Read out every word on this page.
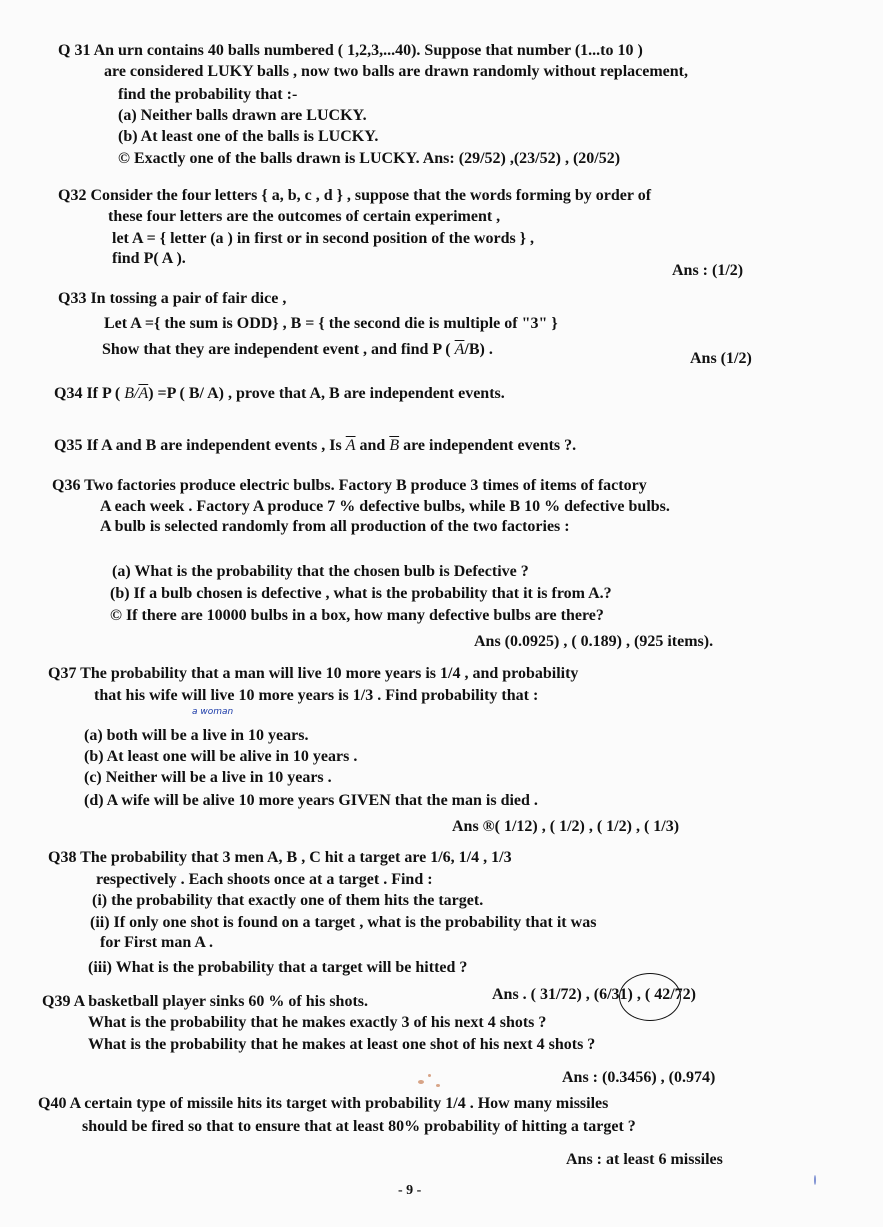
Q 31 An urn contains 40 balls numbered ( 1,2,3,...40). Suppose that number (1...to 10 )
are considered LUKY balls , now two balls are drawn randomly without replacement,
find the probability that :-
(a) Neither balls drawn are LUCKY.
(b) At least one of the balls is LUCKY.
© Exactly one of the balls drawn is LUCKY. Ans: (29/52) ,(23/52) , (20/52)
Q32 Consider the four letters { a, b, c , d } , suppose that the words forming by order of
these four letters are the outcomes of certain experiment ,
let A = { letter (a ) in first or in second position of the words } ,
find P( A ).
Ans : (1/2)
Q33 In tossing a pair of fair dice ,
Let A ={ the sum is ODD} , B = { the second die is multiple of "3" }
Show that they are independent event , and find P ( $\overline{A}/B$) .
Ans (1/2)
Q34 If P ( $B/\overline{A}) =P$ ( B/ A) , prove that A, B are independent events.
Q35 If A and B are independent events , Is $\overline{A}$ and $\overline{B}$ are independent events ?.
Q36 Two factories produce electric bulbs. Factory B produce 3 times of items of factory
A each week . Factory A produce 7 % defective bulbs, while B 10 % defective bulbs.
A bulb is selected randomly from all production of the two factories :
(a) What is the probability that the chosen bulb is Defective ?
(b) If a bulb chosen is defective , what is the probability that it is from A.?
© If there are 10000 bulbs in a box, how many defective bulbs are there?
Ans (0.0925) , ( 0.189) , (925 items).
Q37 The probability that a man will live 10 more years is 1/4 , and probability
that his wife will live 10 more years is 1/3 . Find probability that :
a woman
(a) both will be a live in 10 years.
(b) At least one will be alive in 10 years .
(c) Neither will be a live in 10 years .
(d) A wife will be alive 10 more years GIVEN that the man is died .
Ans ®( 1/12) , ( 1/2) , ( 1/2) , ( 1/3)
Q38 The probability that 3 men A, B , C hit a target are 1/6, 1/4 , 1/3
respectively . Each shoots once at a target . Find :
(i) the probability that exactly one of them hits the target.
(ii) If only one shot is found on a target , what is the probability that it was
for First man A .
(iii) What is the probability that a target will be hitted ?
Ans . ( 31/72) , (6/31) , ( 42/72)
Q39 A basketball player sinks 60 % of his shots.
What is the probability that he makes exactly 3 of his next 4 shots ?
What is the probability that he makes at least one shot of his next 4 shots ?
Ans : (0.3456) , (0.974)
Q40 A certain type of missile hits its target with probability 1/4 . How many missiles
should be fired so that to ensure that at least 80% probability of hitting a target ?
Ans : at least 6 missiles
- 9 -
